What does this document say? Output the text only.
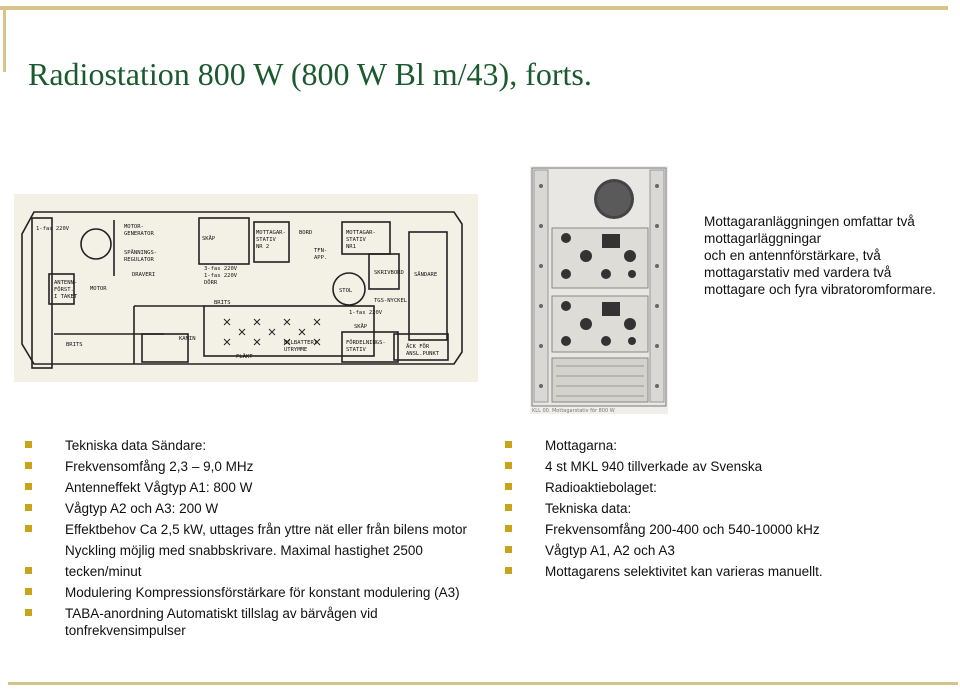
Radiostation 800 W (800 W Bl m/43), forts.
1-fas 220V	MOTOR-
GENERATOR
SPÄNNINGS-
REGULATOR
DRAVERI
ANTENN-
FÖRST.
I TAKET
MOTOR
SKÅP
MOTTAGAR-
STATIV
NR 2
BORD
TFN-
APP.
MOTTAGAR-
STATIV
NR1
3-fas 220V
1-fas 220V
DÖRR
STOL
SKRIVBORD SÄNDARE
TGS-NYCKEL
BRITS
1-fas 220V
SKÅP
BRITS
KAMIN
BILBATTERI
UTRYMME
FÖRDELNINGS-
STATIV
FLÄKT
ÄCK FÖR
ANSL.PUNKT
KLL 00. Mottagarstativ för 800 W
Mottagaranläggningen omfattar två
mottagarläggningar
och en antennförstärkare, två
mottagarstativ med vardera två
mottagare och fyra vibratoromformare.
Tekniska data Sändare:
Frekvensomfång 2,3 – 9,0 MHz
Antenneffekt Vågtyp A1: 800 W
Vågtyp A2 och A3: 200 W
Effektbehov Ca 2,5 kW, uttages från yttre nät eller från bilens motor
Nyckling möjlig med snabbskrivare. Maximal hastighet 2500
tecken/minut
Modulering Kompressionsförstärkare för konstant modulering (A3)
TABA-anordning Automatiskt tillslag av bärvågen vid tonfrekvensimpulser
Mottagarna:
4 st MKL 940 tillverkade av Svenska
Radioaktiebolaget:
Tekniska data:
Frekvensomfång 200-400 och 540-10000 kHz
Vågtyp A1, A2 och A3
Mottagarens selektivitet kan varieras manuellt.
